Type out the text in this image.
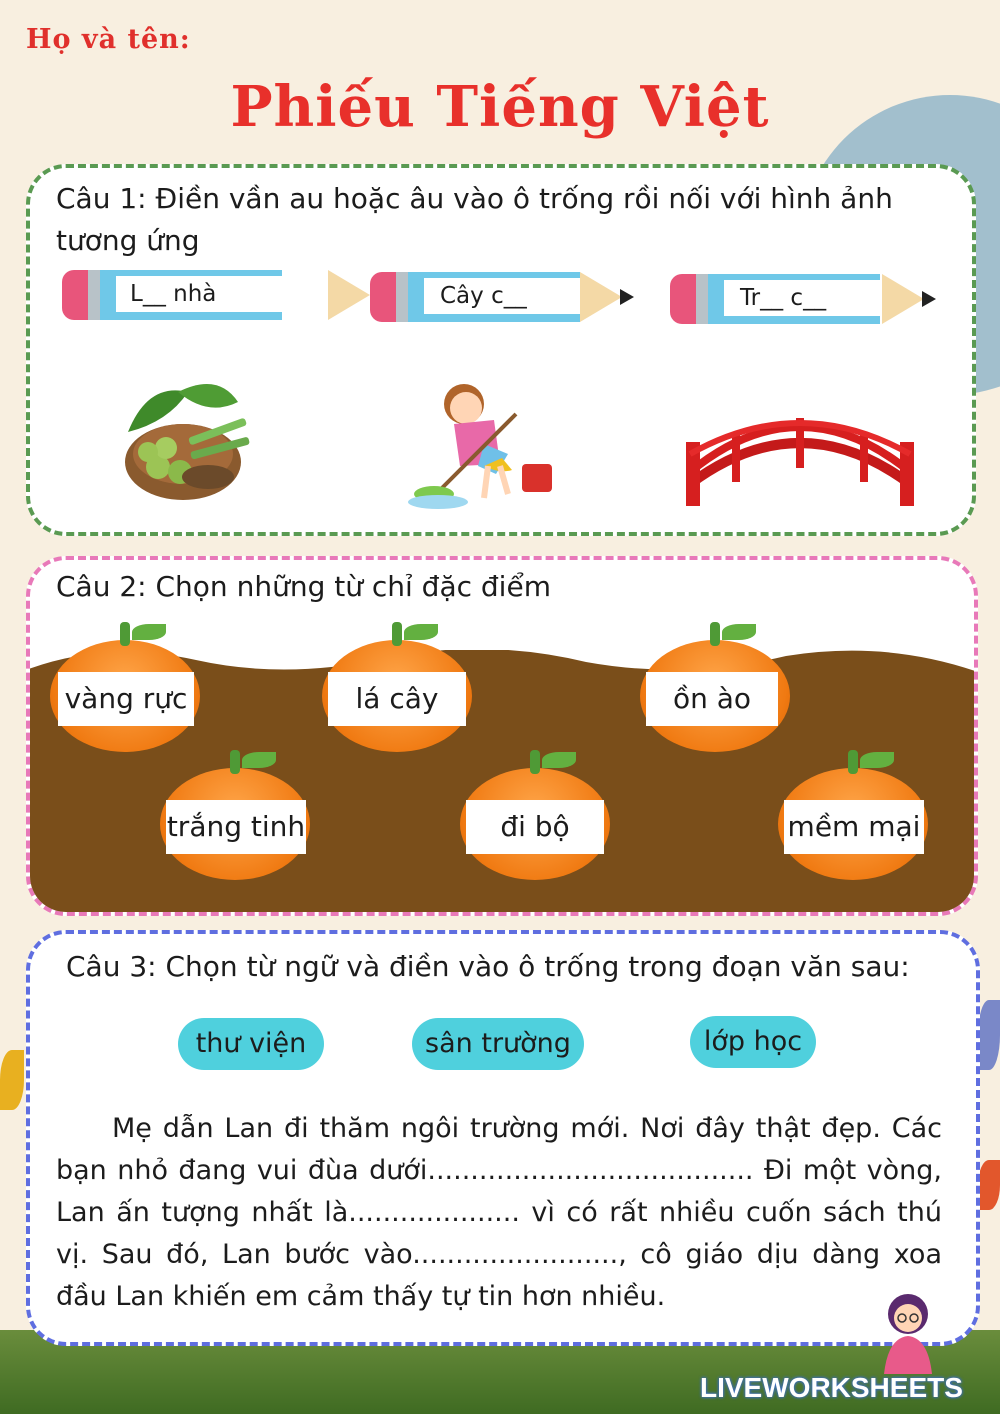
Họ và tên:
Phiếu Tiếng Việt
Câu 1: Điền vần au hoặc âu vào ô trống rồi nối với hình ảnh
tương ứng
L__ nhà	Cây c__	Tr__ c__
Câu 2: Chọn những từ chỉ đặc điểm
vàng rực	lá cây	ồn ào
trắng tinh	đi bộ	mềm mại
Câu 3: Chọn từ ngữ và điền vào ô trống trong đoạn văn sau:
thư viện	sân trường	lớp học
Mẹ dẫn Lan đi thăm ngôi trường mới. Nơi đây thật đẹp. Các bạn nhỏ đang vui đùa dưới...................................... Đi một vòng, Lan ấn tượng nhất là.................... vì có rất nhiều cuốn sách thú vị. Sau đó, Lan bước vào........................, cô giáo dịu dàng xoa đầu Lan khiến em cảm thấy tự tin hơn nhiều.
LIVEWORKSHEETS
